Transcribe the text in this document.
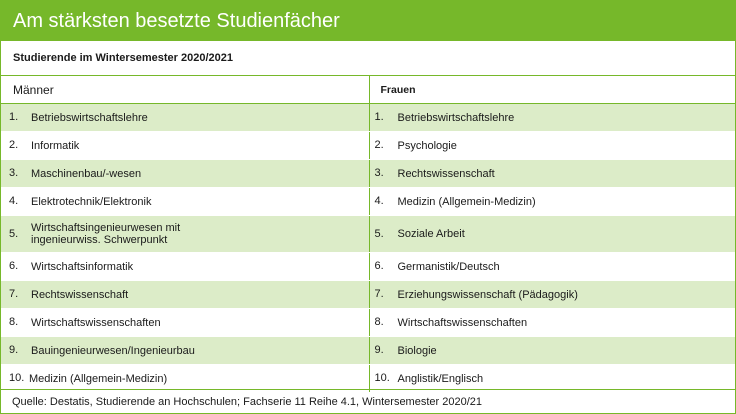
Am stärksten besetzte Studienfächer
Studierende im Wintersemester 2020/2021
Männer	Frauen
1. Betriebswirtschaftslehre	1. Betriebswirtschaftslehre
2. Informatik	2. Psychologie
3. Maschinenbau/-wesen	3. Rechtswissenschaft
4. Elektrotechnik/Elektronik	4. Medizin (Allgemein-Medizin)
5. Wirtschaftsingenieurwesen mit
ingenieurwiss. Schwerpunkt	5. Soziale Arbeit
6. Wirtschaftsinformatik	6. Germanistik/Deutsch
7. Rechtswissenschaft	7. Erziehungswissenschaft (Pädagogik)
8. Wirtschaftswissenschaften	8. Wirtschaftswissenschaften
9. Bauingenieurwesen/Ingenieurbau	9. Biologie
10. Medizin (Allgemein-Medizin)	10. Anglistik/Englisch
Quelle: Destatis, Studierende an Hochschulen; Fachserie 11 Reihe 4.1, Wintersemester 2020/21
